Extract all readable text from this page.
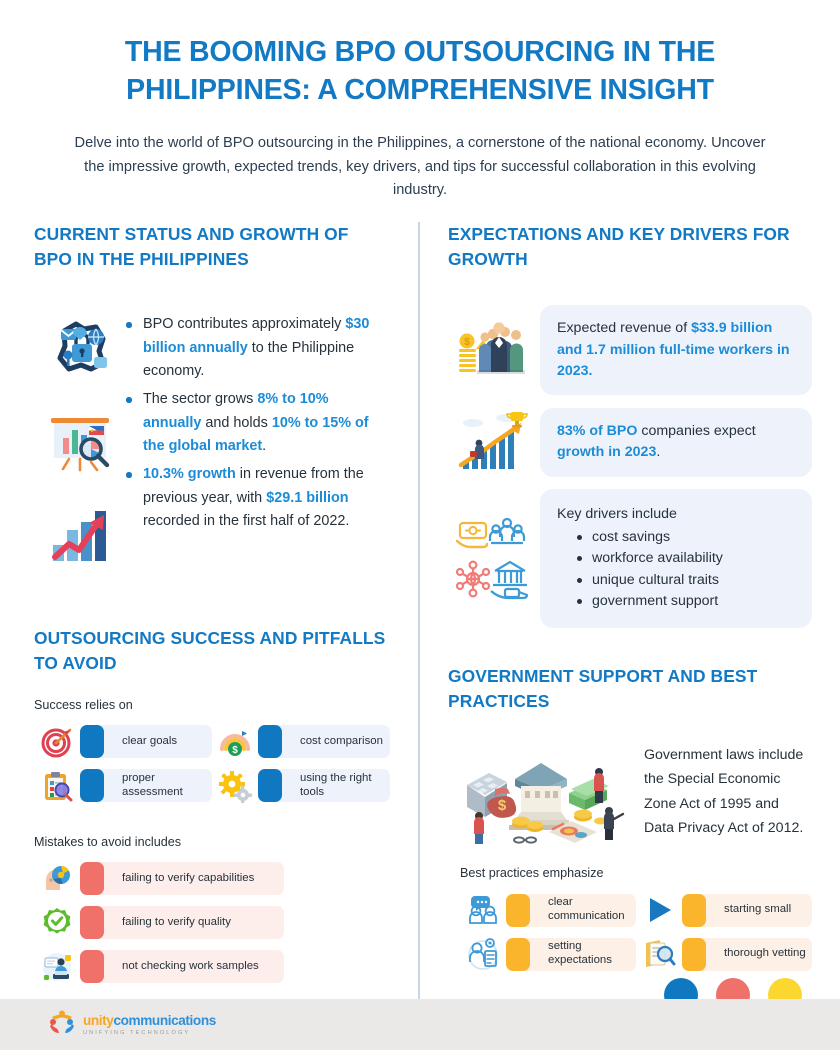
THE BOOMING BPO OUTSOURCING IN THE PHILIPPINES: A COMPREHENSIVE INSIGHT
Delve into the world of BPO outsourcing in the Philippines, a cornerstone of the national economy. Uncover the impressive growth, expected trends, key drivers, and tips for successful collaboration in this evolving industry.
CURRENT STATUS AND GROWTH OF BPO IN THE PHILIPPINES
BPO contributes approximately $30 billion annually to the Philippine economy.
The sector grows 8% to 10% annually and holds 10% to 15% of the global market.
10.3% growth in revenue from the previous year, with $29.1 billion recorded in the first half of 2022.
OUTSOURCING SUCCESS AND PITFALLS TO AVOID
Success relies on
clear goals
$
cost comparison
proper assessment
using the right tools
Mistakes to avoid includes
failing to verify capabilities
failing to verify quality
not checking work samples
EXPECTATIONS AND KEY DRIVERS FOR GROWTH
$
Expected revenue of $33.9 billion and 1.7 million full-time workers in 2023.
83% of BPO companies expect growth in 2023.
Key drivers include
cost savings
workforce availability
unique cultural traits
government support
GOVERNMENT SUPPORT AND BEST PRACTICES
$
Government laws include the Special Economic Zone Act of 1995 and Data Privacy Act of 2012.
Best practices emphasize
clear communication
starting small
setting expectations
thorough vetting
unitycommunications
UNIFYING TECHNOLOGY
